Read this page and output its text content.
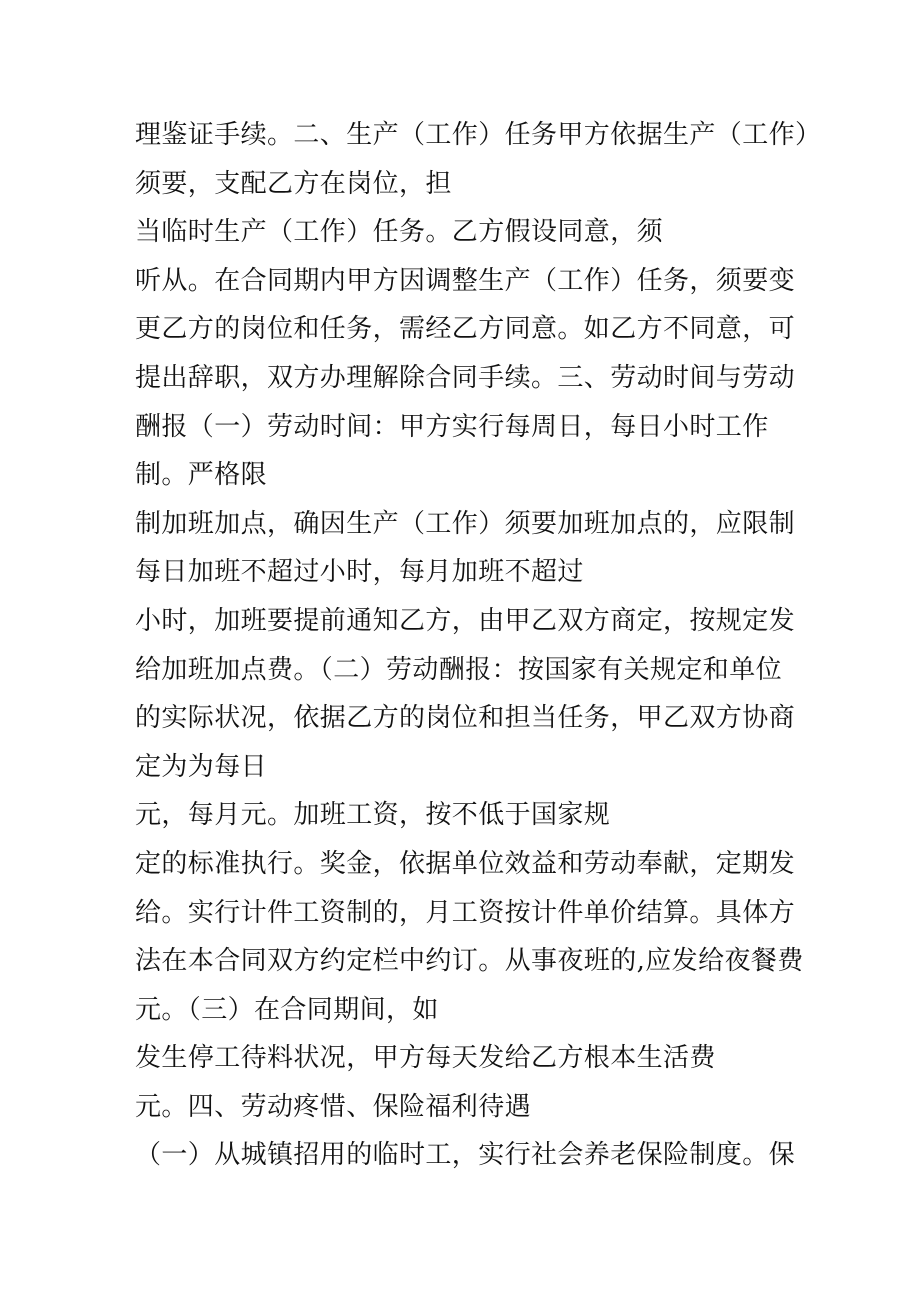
理鉴证手续。二、生产（工作）任务甲方依据生产（工作）
须要，支配乙方在岗位，担
当临时生产（工作）任务。乙方假设同意，须
听从。在合同期内甲方因调整生产（工作）任务，须要变
更乙方的岗位和任务，需经乙方同意。如乙方不同意，可
提出辞职，双方办理解除合同手续。三、劳动时间与劳动
酬报（一）劳动时间：甲方实行每周日，每日小时工作
制。严格限
制加班加点，确因生产（工作）须要加班加点的，应限制
每日加班不超过小时，每月加班不超过
小时，加班要提前通知乙方，由甲乙双方商定，按规定发
给加班加点费。（二）劳动酬报：按国家有关规定和单位
的实际状况，依据乙方的岗位和担当任务，甲乙双方协商
定为为每日
元，每月元。加班工资，按不低于国家规
定的标准执行。奖金，依据单位效益和劳动奉献，定期发
给。实行计件工资制的，月工资按计件单价结算。具体方
法在本合同双方约定栏中约订。从事夜班的,应发给夜餐费
元。（三）在合同期间，如
发生停工待料状况，甲方每天发给乙方根本生活费
元。四、劳动疼惜、保险福利待遇
（一）从城镇招用的临时工，实行社会养老保险制度。保
